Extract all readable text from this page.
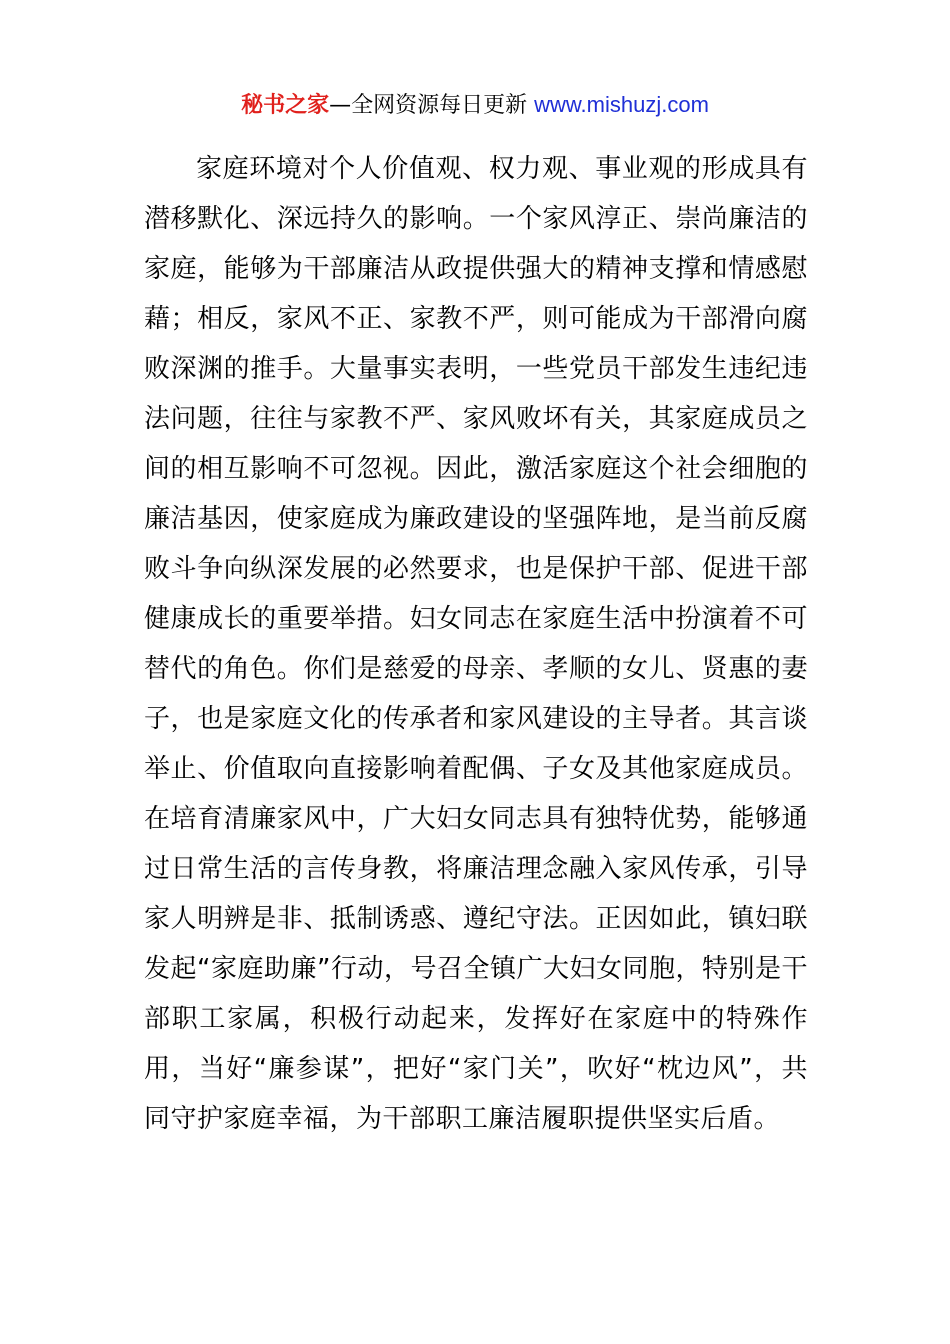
秘书之家—全网资源每日更新 www.mishuzj.com

家庭环境对个人价值观、权力观、事业观的形成具有潜移默化、深远持久的影响。一个家风淳正、崇尚廉洁的家庭，能够为干部廉洁从政提供强大的精神支撑和情感慰藉；相反，家风不正、家教不严，则可能成为干部滑向腐败深渊的推手。大量事实表明，一些党员干部发生违纪违法问题，往往与家教不严、家风败坏有关，其家庭成员之间的相互影响不可忽视。因此，激活家庭这个社会细胞的廉洁基因，使家庭成为廉政建设的坚强阵地，是当前反腐败斗争向纵深发展的必然要求，也是保护干部、促进干部健康成长的重要举措。妇女同志在家庭生活中扮演着不可替代的角色。你们是慈爱的母亲、孝顺的女儿、贤惠的妻子，也是家庭文化的传承者和家风建设的主导者。其言谈举止、价值取向直接影响着配偶、子女及其他家庭成员。在培育清廉家风中，广大妇女同志具有独特优势，能够通过日常生活的言传身教，将廉洁理念融入家风传承，引导家人明辨是非、抵制诱惑、遵纪守法。正因如此，镇妇联发起“家庭助廉”行动，号召全镇广大妇女同胞，特别是干部职工家属，积极行动起来，发挥好在家庭中的特殊作用，当好“廉参谋”，把好“家门关”，吹好“枕边风”，共同守护家庭幸福，为干部职工廉洁履职提供坚实后盾。
